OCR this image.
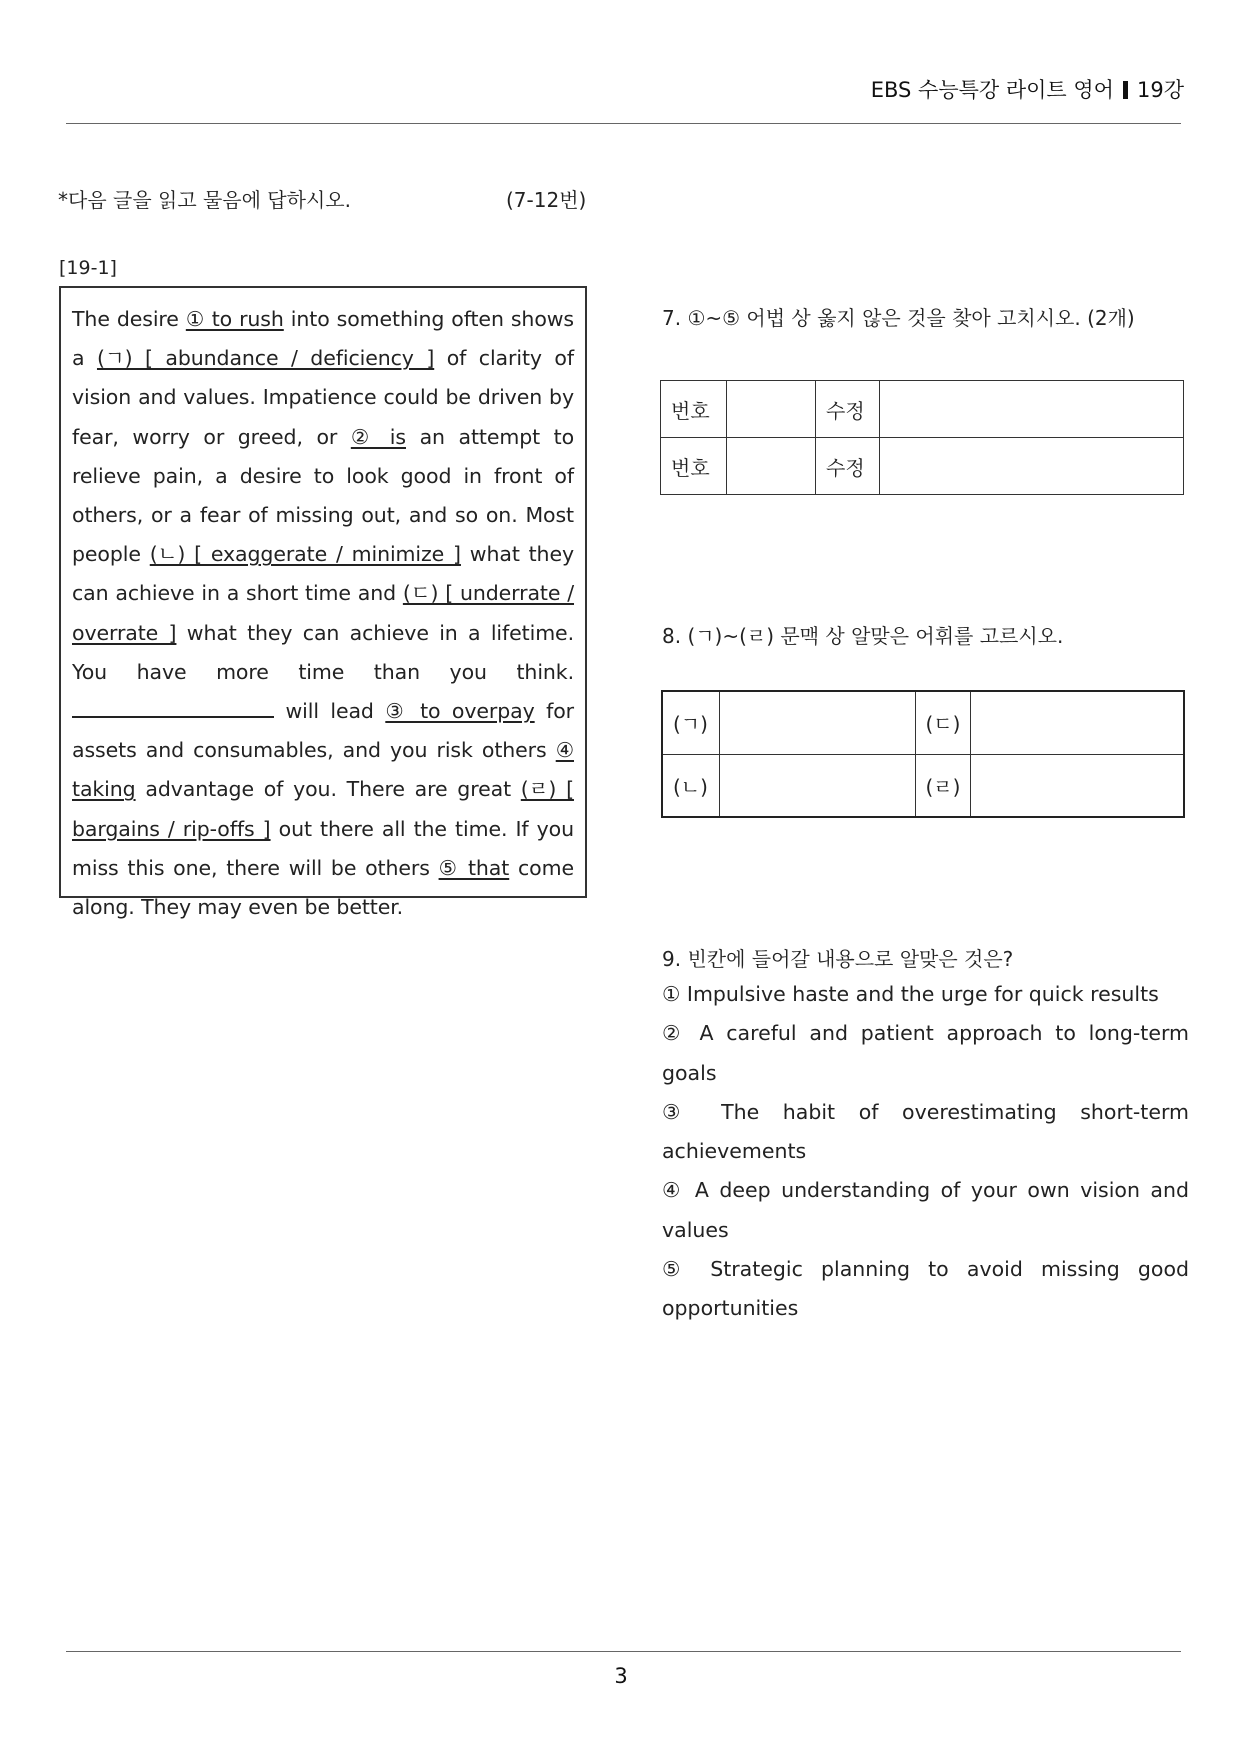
EBS 수능특강 라이트 영어 19강
*다음 글을 읽고 물음에 답하시오.	(7-12번)
[19-1]
The desire ① to rush into something often shows a (ㄱ) [ abundance / deficiency ] of clarity of vision and values. Impatience could be driven by fear, worry or greed, or ② is an attempt to relieve pain, a desire to look good in front of others, or a fear of missing out, and so on. Most people (ㄴ) [ exaggerate / minimize ] what they can achieve in a short time and (ㄷ) [ underrate / overrate ] what they can achieve in a lifetime. You have more time than you think.  will lead ③ to overpay for assets and consumables, and you risk others ④ taking advantage of you. There are great (ㄹ) [ bargains / rip-offs ] out there all the time. If you miss this one, there will be others ⑤ that come along. They may even be better.
7. ①~⑤ 어법 상 옳지 않은 것을 찾아 고치시오. (2개)
번호		수정	
번호		수정	
8. (ㄱ)~(ㄹ) 문맥 상 알맞은 어휘를 고르시오.
(ㄱ)		(ㄷ)	
(ㄴ)		(ㄹ)	
9. 빈칸에 들어갈 내용으로 알맞은 것은?
① Impulsive haste and the urge for quick results
② A careful and patient approach to long-term goals
③ The habit of overestimating short-term achievements
④ A deep understanding of your own vision and values
⑤ Strategic planning to avoid missing good opportunities
3
